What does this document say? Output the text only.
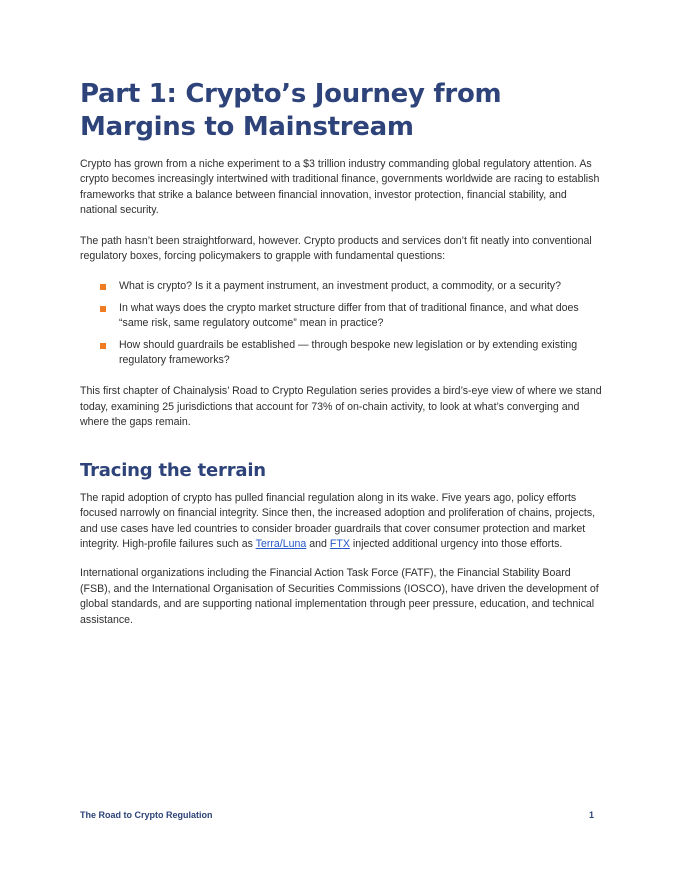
Part 1: Crypto’s Journey from
Margins to Mainstream

Crypto has grown from a niche experiment to a $3 trillion industry commanding global regulatory attention. As crypto becomes increasingly intertwined with traditional finance, governments worldwide are racing to establish frameworks that strike a balance between financial innovation, investor protection, financial stability, and national security.

The path hasn’t been straightforward, however. Crypto products and services don’t fit neatly into conventional regulatory boxes, forcing policymakers to grapple with fundamental questions:

What is crypto? Is it a payment instrument, an investment product, a commodity, or a security?
In what ways does the crypto market structure differ from that of traditional finance, and what does “same risk, same regulatory outcome” mean in practice?
How should guardrails be established — through bespoke new legislation or by extending existing regulatory frameworks?

This first chapter of Chainalysis’ Road to Crypto Regulation series provides a bird’s-eye view of where we stand today, examining 25 jurisdictions that account for 73% of on-chain activity, to look at what’s converging and where the gaps remain.

Tracing the terrain

The rapid adoption of crypto has pulled financial regulation along in its wake. Five years ago, policy efforts focused narrowly on financial integrity. Since then, the increased adoption and proliferation of chains, projects, and use cases have led countries to consider broader guardrails that cover consumer protection and market integrity. High-profile failures such as Terra/Luna and FTX injected additional urgency into those efforts.

International organizations including the Financial Action Task Force (FATF), the Financial Stability Board (FSB), and the International Organisation of Securities Commissions (IOSCO), have driven the development of global standards, and are supporting national implementation through peer pressure, education, and technical assistance.

The Road to Crypto Regulation	1
